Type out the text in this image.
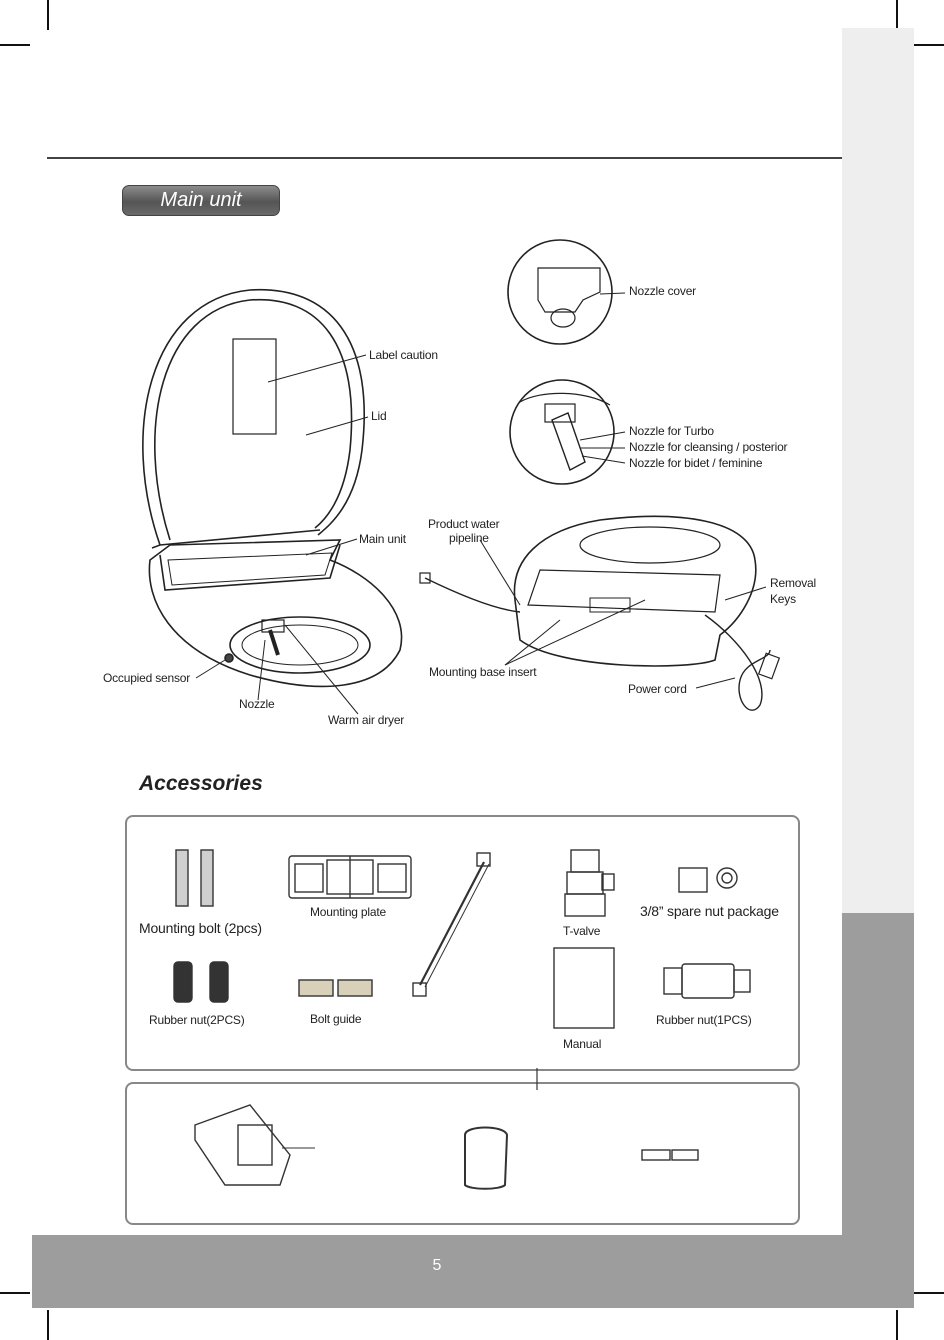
Main unit
Nozzle cover
Label caution
Lid
Nozzle for Turbo
Nozzle for cleansing / posterior
Nozzle for bidet / feminine
Product water
pipeline
Main unit
Removal
Keys
Occupied sensor	Mounting base insert
Power cord
Nozzle
Warm air dryer
Accessories
Mounting bolt (2pcs)
Mounting plate
T-valve
3/8” spare nut package
Rubber nut(2PCS)	Bolt guide
Manual
Rubber nut(1PCS)
5
